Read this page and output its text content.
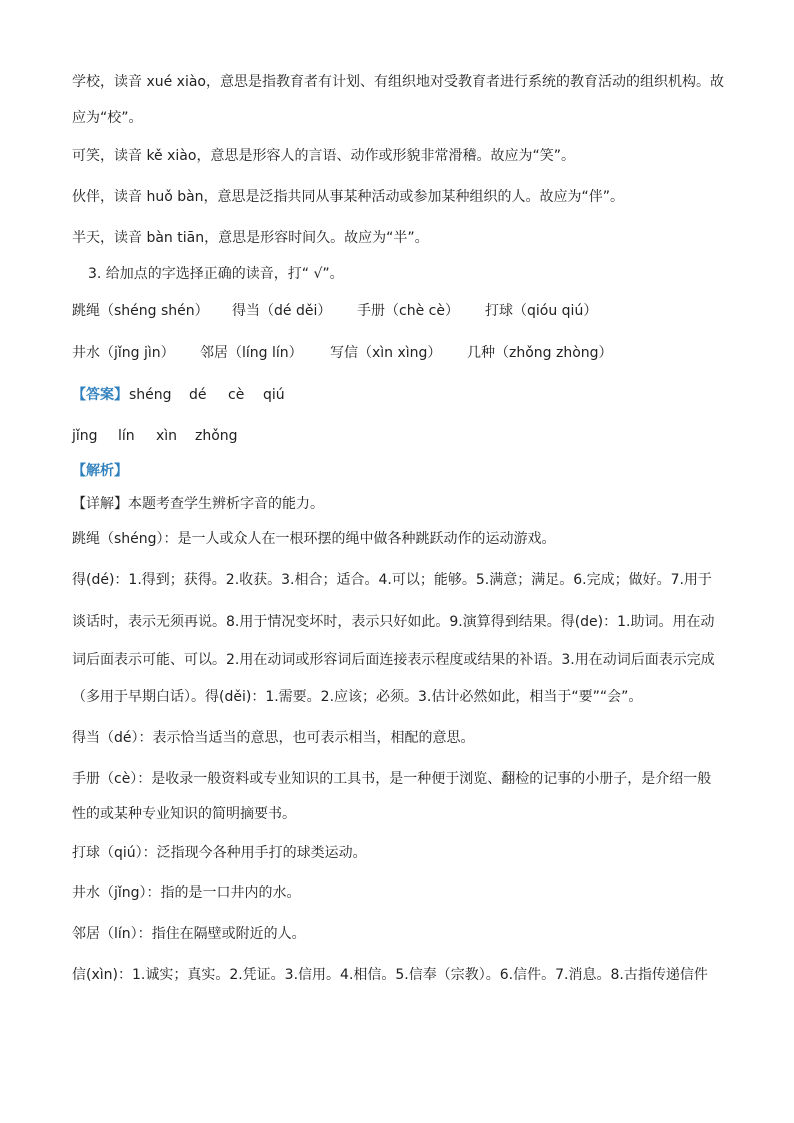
学校，读音 xué xiào，意思是指教育者有计划、有组织地对受教育者进行系统的教育活动的组织机构。故

应为“校”。

可笑，读音 kě xiào，意思是形容人的言语、动作或形貌非常滑稽。故应为“笑”。

伙伴，读音 huǒ bàn，意思是泛指共同从事某种活动或参加某种组织的人。故应为“伴”。

半天，读音 bàn tiān，意思是形容时间久。故应为“半”。

3. 给加点的字选择正确的读音，打“ √”。

跳绳（shéng shén） 得当（dé děi） 手册（chè cè） 打球（qióu qiú）

井水（jǐng jìn） 邻居（líng lín） 写信（xìn xìng） 几种（zhǒng zhòng）

【答案】 shéng dé cè qiú

jǐng lín xìn zhǒng

【解析】

【详解】 本题考查学生辨析字音的能力。

跳绳（shéng）：是一人或众人在一根环摆的绳中做各种跳跃动作的运动游戏。

得(dé)：1.得到；获得。2.收获。3.相合；适合。4.可以；能够。5.满意；满足。6.完成；做好。7.用于

谈话时，表示无须再说。8.用于情况变坏时，表示只好如此。9.演算得到结果。得(de)：1.助词。用在动

词后面表示可能、可以。2.用在动词或形容词后面连接表示程度或结果的补语。3.用在动词后面表示完成

（多用于早期白话）。得(děi)：1.需要。2.应该；必须。3.估计必然如此，相当于“要”“会”。

得当（dé）：表示恰当适当的意思，也可表示相当，相配的意思。

手册（cè）：是收录一般资料或专业知识的工具书，是一种便于浏览、翻检的记事的小册子，是介绍一般

性的或某种专业知识的简明摘要书。

打球（qiú）：泛指现今各种用手打的球类运动。

井水（jǐng）：指的是一口井内的水。

邻居（lín）：指住在隔壁或附近的人。

信(xìn)：1.诚实；真实。2.凭证。3.信用。4.相信。5.信奉（宗教）。6.信件。7.消息。8.古指传递信件
